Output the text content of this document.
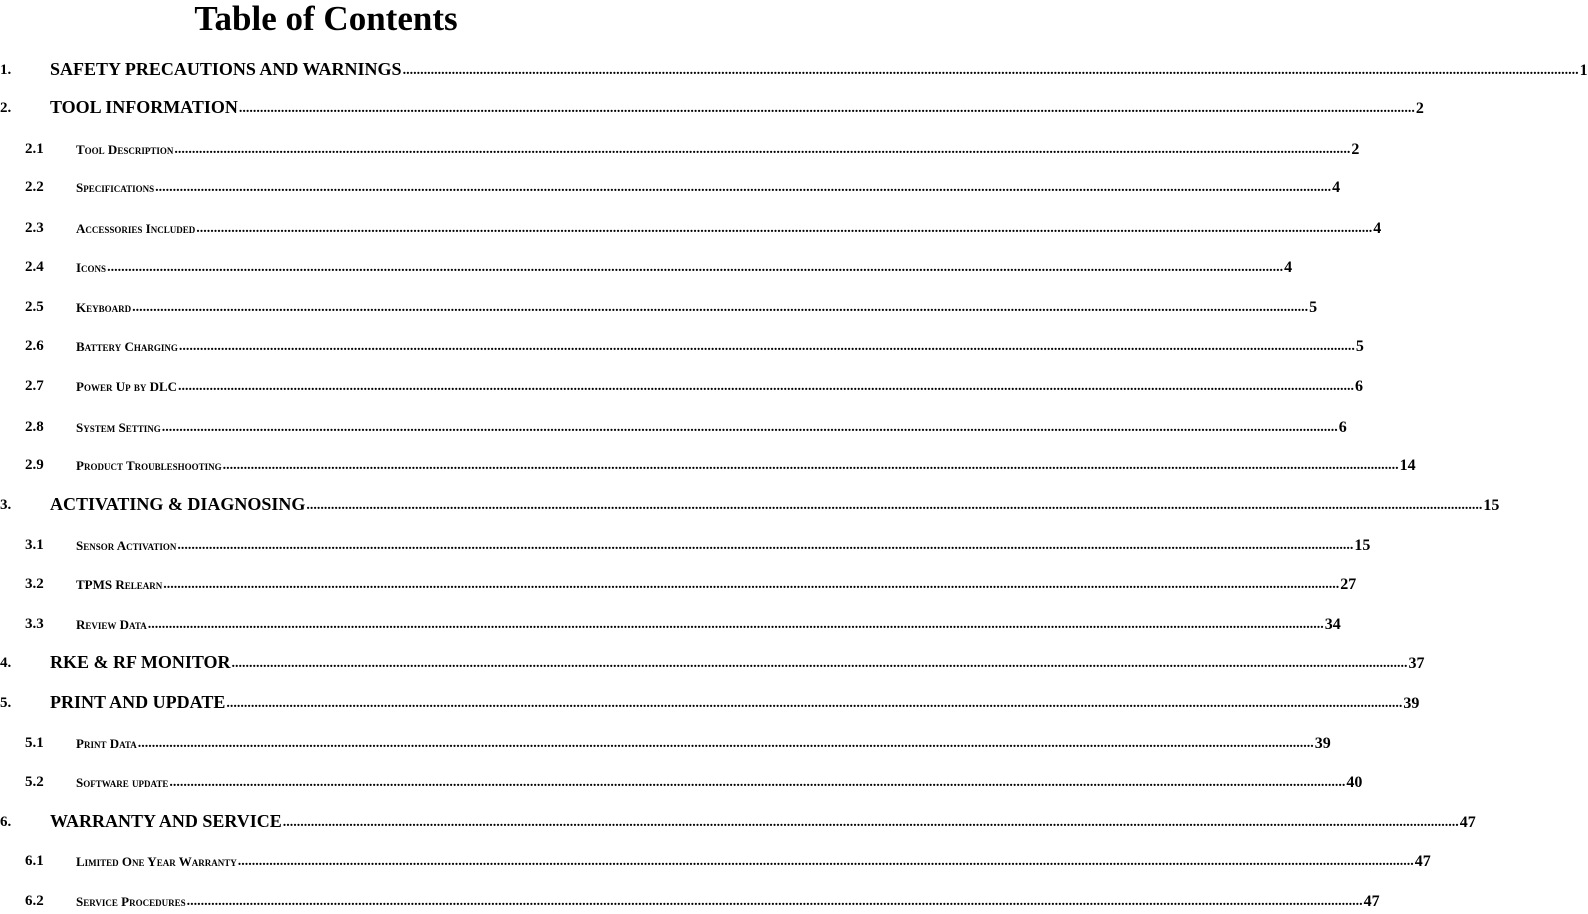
Table of Contents
1. SAFETY PRECAUTIONS AND WARNINGS .....	1
2. TOOL INFORMATION .....	2
2.1 Tool Description .....	2
2.2 Specifications .....	4
2.3 Accessories Included .....	4
2.4 Icons .....	4
2.5 Keyboard .....	5
2.6 Battery Charging .....	5
2.7 Power Up by DLC .....	6
2.8 System Setting .....	6
2.9 Product Troubleshooting .....	14
3. ACTIVATING & DIAGNOSING .....	15
3.1 Sensor Activation .....	15
3.2 TPMS Relearn .....	27
3.3 Review Data .....	34
4. RKE & RF MONITOR .....	37
5. PRINT AND UPDATE .....	39
5.1 Print Data .....	39
5.2 Software update .....	40
6. WARRANTY AND SERVICE .....	47
6.1 Limited One Year Warranty .....	47
6.2 Service Procedures .....	47
